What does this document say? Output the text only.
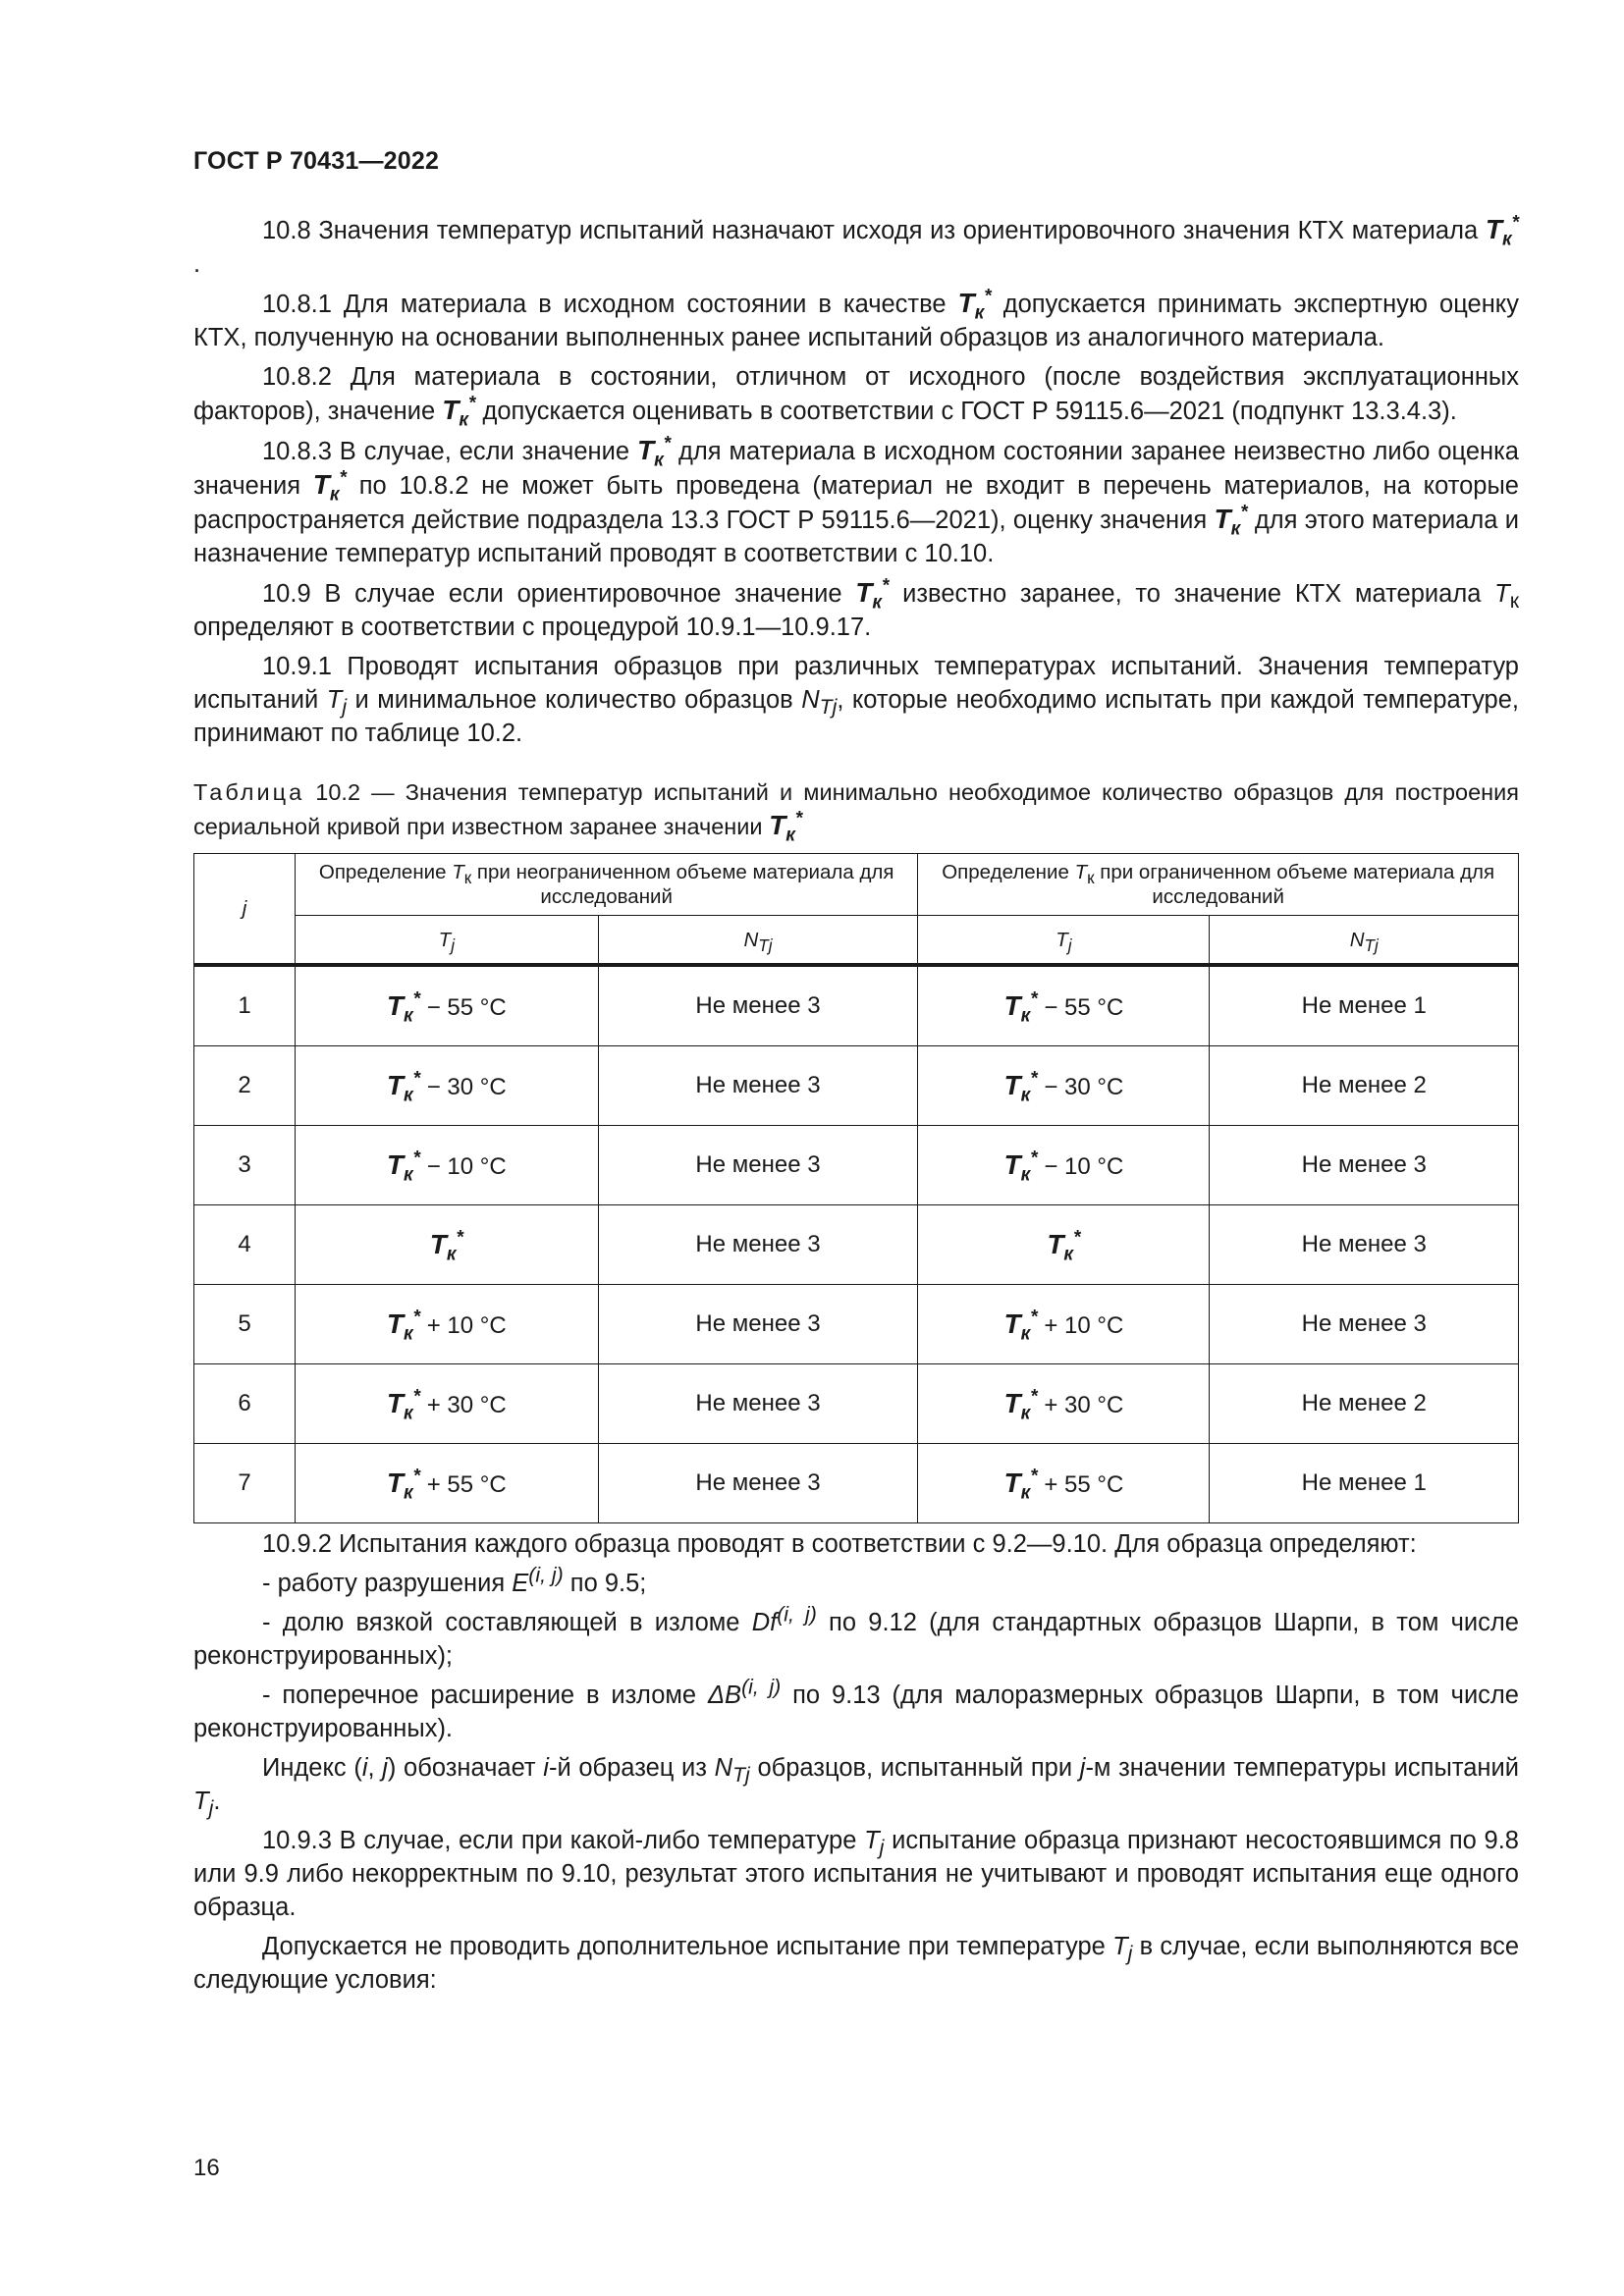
ГОСТ Р 70431—2022

10.8 Значения температур испытаний назначают исходя из ориентировочного значения КТХ материала $T_к^*$ .

10.8.1 Для материала в исходном состоянии в качестве $T_к^*$ допускается принимать экспертную оценку КТХ, полученную на основании выполненных ранее испытаний образцов из аналогичного материала.

10.8.2 Для материала в состоянии, отличном от исходного (после воздействия эксплуатационных факторов), значение $T_к^*$ допускается оценивать в соответствии с ГОСТ Р 59115.6—2021 (подпункт 13.3.4.3).

10.8.3 В случае, если значение $T_к^*$ для материала в исходном состоянии заранее неизвестно либо оценка значения $T_к^*$ по 10.8.2 не может быть проведена (материал не входит в перечень материалов, на которые распространяется действие подраздела 13.3 ГОСТ Р 59115.6—2021), оценку значения $T_к^*$ для этого материала и назначение температур испытаний проводят в соответствии с 10.10.

10.9 В случае если ориентировочное значение $T_к^*$ известно заранее, то значение КТХ материала $T_к$ определяют в соответствии с процедурой 10.9.1—10.9.17.

10.9.1 Проводят испытания образцов при различных температурах испытаний. Значения температур испытаний $T_j$ и минимальное количество образцов $N_{Tj}$, которые необходимо испытать при каждой температуре, принимают по таблице 10.2.

Таблица 10.2 — Значения температур испытаний и минимально необходимое количество образцов для построения сериальной кривой при известном заранее значении $T_к^*$
j	Определение $T_к$ при неограниченном объеме материала для исследований		Определение $T_к$ при ограниченном объеме материала для исследований	
	$T_j$	$N_{Tj}$	$T_j$	$N_{Tj}$
1	$T_к^* - 55$ °C	Не менее 3	$T_к^* - 55$ °C	Не менее 1
2	$T_к^* - 30$ °C	Не менее 3	$T_к^* - 30$ °C	Не менее 2
3	$T_к^* - 10$ °C	Не менее 3	$T_к^* - 10$ °C	Не менее 3
4	$T_к^*$	Не менее 3	$T_к^*$	Не менее 3
5	$T_к^* + 10$ °C	Не менее 3	$T_к^* + 10$ °C	Не менее 3
6	$T_к^* + 30$ °C	Не менее 3	$T_к^* + 30$ °C	Не менее 2
7	$T_к^* + 55$ °C	Не менее 3	$T_к^* + 55$ °C	Не менее 1

10.9.2 Испытания каждого образца проводят в соответствии с 9.2—9.10. Для образца определяют:

- работу разрушения E$^{(i, j)}$ по 9.5;

- долю вязкой составляющей в изломе Df$^{(i, j)}$ по 9.12 (для стандартных образцов Шарпи, в том числе реконструированных);

- поперечное расширение в изломе ΔB$^{(i, j)}$ по 9.13 (для малоразмерных образцов Шарпи, в том числе реконструированных).

Индекс (i, j) обозначает i-й образец из $N_{Tj}$ образцов, испытанный при j-м значении температуры испытаний $T_j$.

10.9.3 В случае, если при какой-либо температуре $T_j$ испытание образца признают несостоявшимся по 9.8 или 9.9 либо некорректным по 9.10, результат этого испытания не учитывают и проводят испытания еще одного образца.

Допускается не проводить дополнительное испытание при температуре $T_j$ в случае, если выполняются все следующие условия:

16
